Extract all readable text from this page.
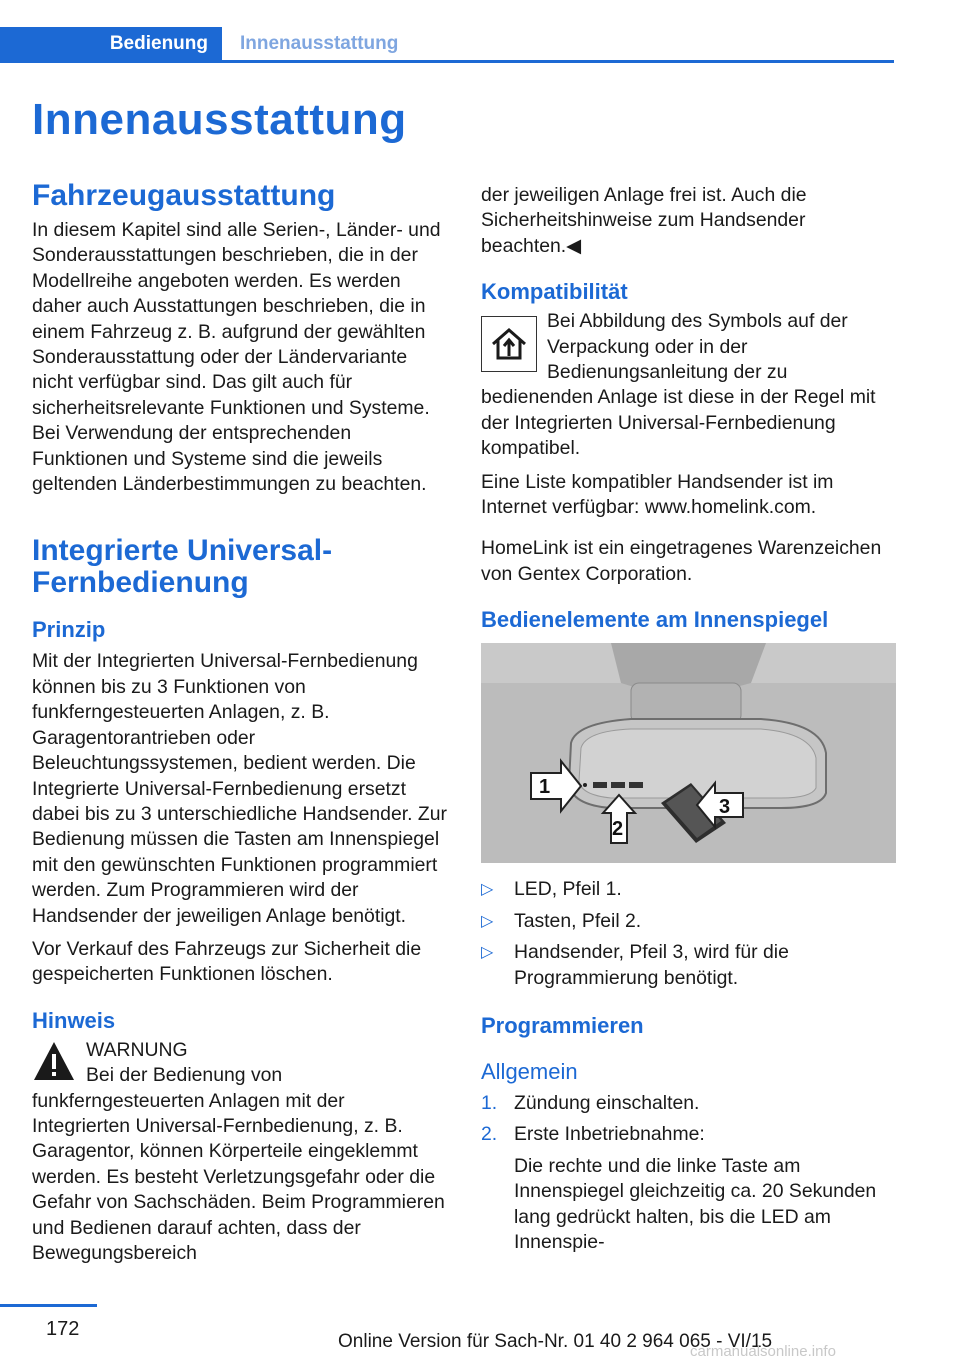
Bedienung	Innenausstattung
Innenausstattung
Fahrzeugausstattung

In diesem Kapitel sind alle Serien-, Länder- und Sonderausstattungen beschrieben, die in der Modellreihe angeboten werden. Es werden daher auch Ausstattungen beschrieben, die in einem Fahrzeug z. B. aufgrund der gewählten Sonderausstattung oder der Ländervariante nicht verfügbar sind. Das gilt auch für sicherheitsrelevante Funktionen und Systeme. Bei Verwendung der entsprechenden Funktionen und Systeme sind die jeweils geltenden Länderbestimmungen zu beachten.

Integrierte Universal-Fernbedienung
Prinzip

Mit der Integrierten Universal-Fernbedienung können bis zu 3 Funktionen von funkferngesteuerten Anlagen, z. B. Garagentorantrieben oder Beleuchtungssystemen, bedient werden. Die Integrierte Universal-Fernbedienung ersetzt dabei bis zu 3 unterschiedliche Handsender. Zur Bedienung müssen die Tasten am Innenspiegel mit den gewünschten Funktionen programmiert werden. Zum Programmieren wird der Handsender der jeweiligen Anlage benötigt.

Vor Verkauf des Fahrzeugs zur Sicherheit die gespeicherten Funktionen löschen.

Hinweis
WARNUNG
Bei der Bedienung von funkferngesteuerten Anlagen mit der Integrierten Universal-Fernbedienung, z. B. Garagentor, können Körperteile eingeklemmt werden. Es besteht Verletzungsgefahr oder die Gefahr von Sachschäden. Beim Programmieren und Bedienen darauf achten, dass der Bewegungsbereich

der jeweiligen Anlage frei ist. Auch die Sicherheitshinweise zum Handsender beachten.◀

Kompatibilität

Bei Abbildung des Symbols auf der Verpackung oder in der Bedienungsanleitung der zu bedienenden Anlage ist diese in der Regel mit der Integrierten Universal-Fernbedienung kompatibel.

Eine Liste kompatibler Handsender ist im Internet verfügbar: www.homelink.com.

HomeLink ist ein eingetragenes Warenzeichen von Gentex Corporation.

Bedienelemente am Innenspiegel
1
2
3
▷ LED, Pfeil 1.
▷ Tasten, Pfeil 2.
▷ Handsender, Pfeil 3, wird für die Programmierung benötigt.
Programmieren
Allgemein
1. Zündung einschalten.
2. Erste Inbetriebnahme:
Die rechte und die linke Taste am Innenspiegel gleichzeitig ca. 20 Sekunden lang gedrückt halten, bis die LED am Innenspie-
172
Online Version für Sach-Nr. 01 40 2 964 065 - VI/15
carmanualsonline.info
